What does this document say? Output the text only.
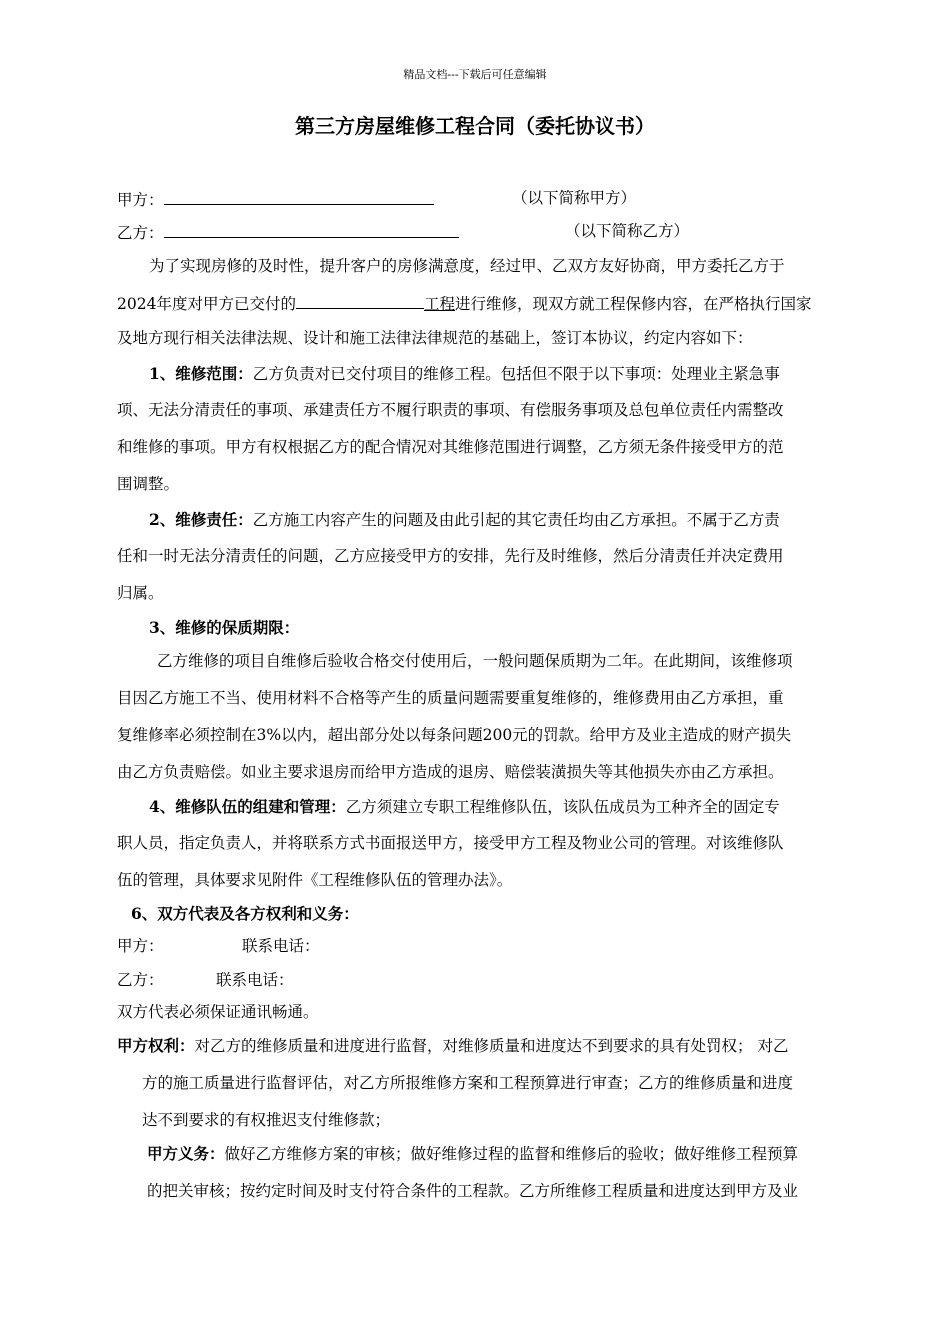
精品文档---下载后可任意编辑
第三方房屋维修工程合同（委托协议书）
甲方：	（以下简称甲方）
乙方：	（以下简称乙方）
为了实现房修的及时性，提升客户的房修满意度，经过甲、乙双方友好协商，甲方委托乙方于
2024年度对甲方已交付的	工程进行维修，现双方就工程保修内容，在严格执行国家
及地方现行相关法律法规、设计和施工法律法律规范的基础上，签订本协议，约定内容如下：
1、维修范围：乙方负责对已交付项目的维修工程。包括但不限于以下事项：处理业主紧急事
项、无法分清责任的事项、承建责任方不履行职责的事项、有偿服务事项及总包单位责任内需整改
和维修的事项。甲方有权根据乙方的配合情况对其维修范围进行调整，乙方须无条件接受甲方的范
围调整。
2、维修责任：乙方施工内容产生的问题及由此引起的其它责任均由乙方承担。不属于乙方责
任和一时无法分清责任的问题，乙方应接受甲方的安排，先行及时维修，然后分清责任并决定费用
归属。
3、维修的保质期限：
乙方维修的项目自维修后验收合格交付使用后，一般问题保质期为二年。在此期间，该维修项
目因乙方施工不当、使用材料不合格等产生的质量问题需要重复维修的，维修费用由乙方承担，重
复维修率必须控制在3%以内，超出部分处以每条问题200元的罚款。给甲方及业主造成的财产损失
由乙方负责赔偿。如业主要求退房而给甲方造成的退房、赔偿装潢损失等其他损失亦由乙方承担。
4、维修队伍的组建和管理：乙方须建立专职工程维修队伍，该队伍成员为工种齐全的固定专
职人员，指定负责人，并将联系方式书面报送甲方，接受甲方工程及物业公司的管理。对该维修队
伍的管理，具体要求见附件《工程维修队伍的管理办法》。
6、双方代表及各方权利和义务：
甲方：	联系电话：
乙方：	联系电话：
双方代表必须保证通讯畅通。
甲方权利：对乙方的维修质量和进度进行监督，对维修质量和进度达不到要求的具有处罚权； 对乙
方的施工质量进行监督评估，对乙方所报维修方案和工程预算进行审查；乙方的维修质量和进度
达不到要求的有权推迟支付维修款；
甲方义务：做好乙方维修方案的审核；做好维修过程的监督和维修后的验收；做好维修工程预算
的把关审核；按约定时间及时支付符合条件的工程款。乙方所维修工程质量和进度达到甲方及业
